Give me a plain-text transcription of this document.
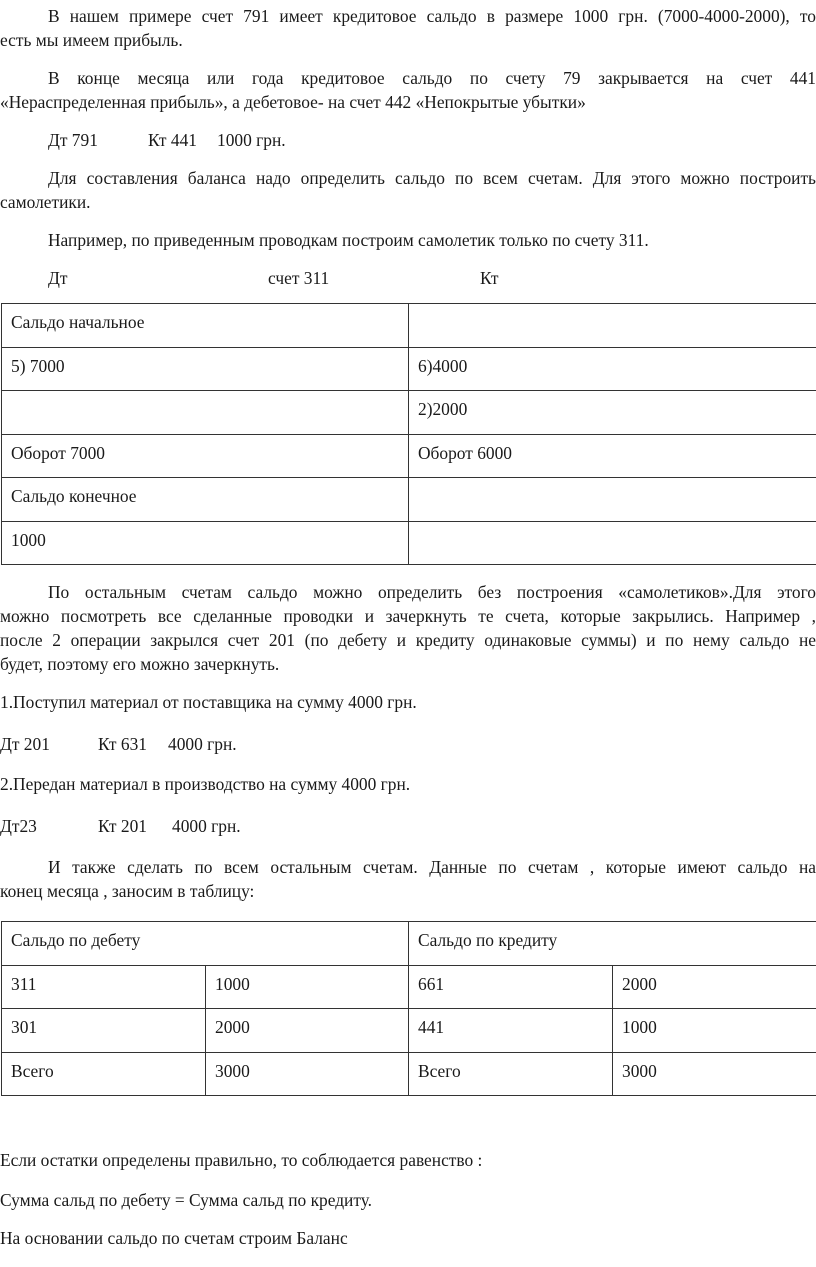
В нашем примере счет 791 имеет кредитовое сальдо в размере 1000 грн. (7000-4000-2000), то
есть мы имеем прибыль.
В конце месяца или года кредитовое сальдо по счету 79 закрывается на счет 441
«Нераспределенная прибыль», а дебетовое- на счет 442 «Непокрытые убытки»
Дт 791	Кт 441 1000 грн.
Для составления баланса надо определить сальдо по всем счетам. Для этого можно построить
самолетики.
Например, по приведенным проводкам построим самолетик только по счету 311.
Дт	счет 311	Кт
Сальдо начальное	
5) 7000	6)4000
	2)2000
Оборот 7000	Оборот 6000
Сальдо конечное	
1000	
По остальным счетам сальдо можно определить без построения «самолетиков».Для этого
можно посмотреть все сделанные проводки и зачеркнуть те счета, которые закрылись. Например ,
после 2 операции закрылся счет 201 (по дебету и кредиту одинаковые суммы) и по нему сальдо не
будет, поэтому его можно зачеркнуть.
1.Поступил материал от поставщика на сумму 4000 грн.
Дт 201	Кт 631 4000 грн.
2.Передан материал в производство на сумму 4000 грн.
Дт23	Кт 201 4000 грн.
И также сделать по всем остальным счетам. Данные по счетам , которые имеют сальдо на
конец месяца , заносим в таблицу:
Сальдо по дебету		Сальдо по кредиту	
311	1000	661	2000
301	2000	441	1000
Всего	3000	Всего	3000
Если остатки определены правильно, то соблюдается равенство :
Сумма сальд по дебету = Сумма сальд по кредиту.
На основании сальдо по счетам строим Баланс
